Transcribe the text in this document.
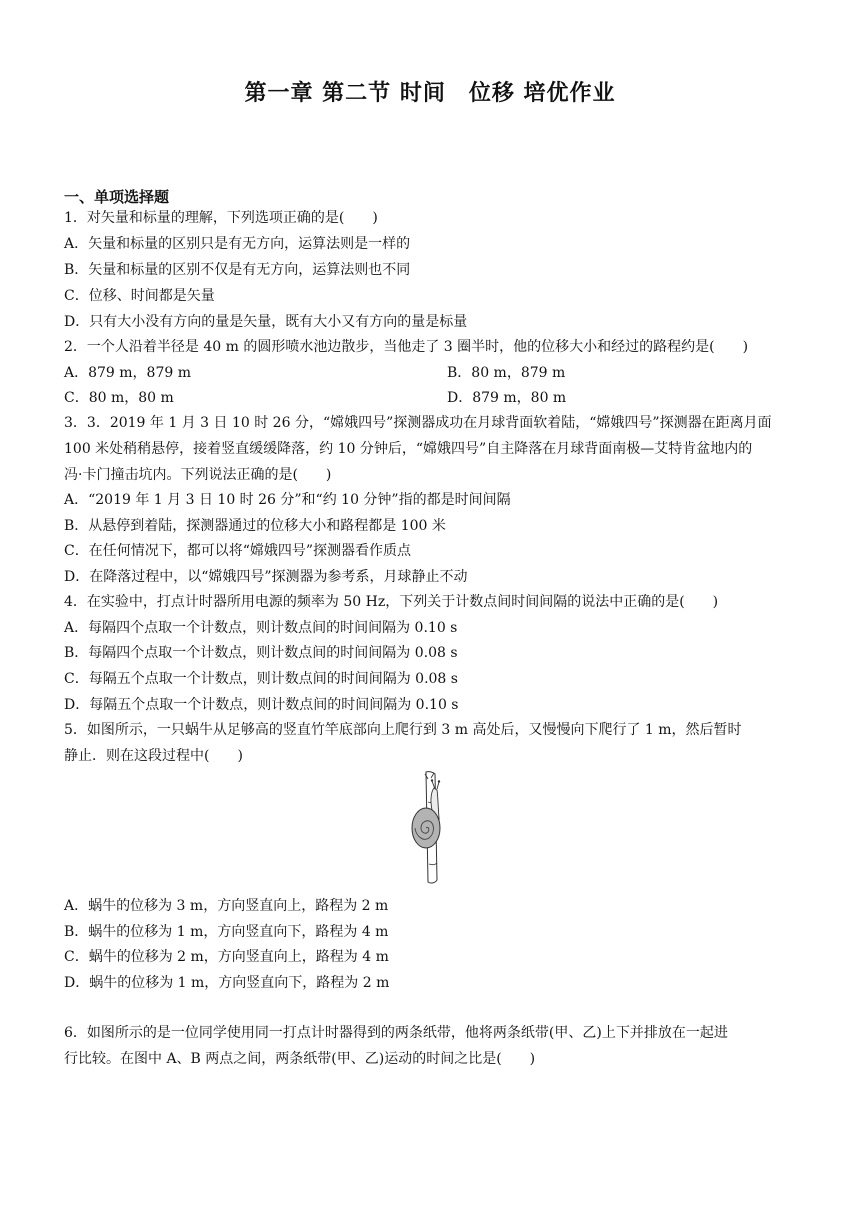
第一章 第二节 时间　位移 培优作业
一、单项选择题
1．对矢量和标量的理解，下列选项正确的是(　　)
A．矢量和标量的区别只是有无方向，运算法则是一样的
B．矢量和标量的区别不仅是有无方向，运算法则也不同
C．位移、时间都是矢量
D．只有大小没有方向的量是矢量，既有大小又有方向的量是标量
2．一个人沿着半径是 40 m 的圆形喷水池边散步，当他走了 3 圈半时，他的位移大小和经过的路程约是(　　)
A．879 m，879 m	B．80 m，879 m
C．80 m，80 m	D．879 m，80 m
3．3．2019 年 1 月 3 日 10 时 26 分，“嫦娥四号”探测器成功在月球背面软着陆，“嫦娥四号”探测器在距离月面
100 米处稍稍悬停，接着竖直缓缓降落，约 10 分钟后，“嫦娥四号”自主降落在月球背面南极—艾特肯盆地内的
冯·卡门撞击坑内。下列说法正确的是(　　)
A．“2019 年 1 月 3 日 10 时 26 分”和“约 10 分钟”指的都是时间间隔
B．从悬停到着陆，探测器通过的位移大小和路程都是 100 米
C．在任何情况下，都可以将“嫦娥四号”探测器看作质点
D．在降落过程中，以“嫦娥四号”探测器为参考系，月球静止不动
4．在实验中，打点计时器所用电源的频率为 50 Hz，下列关于计数点间时间间隔的说法中正确的是(　　)
A．每隔四个点取一个计数点，则计数点间的时间间隔为 0.10 s
B．每隔四个点取一个计数点，则计数点间的时间间隔为 0.08 s
C．每隔五个点取一个计数点，则计数点间的时间间隔为 0.08 s
D．每隔五个点取一个计数点，则计数点间的时间间隔为 0.10 s
5．如图所示，一只蜗牛从足够高的竖直竹竿底部向上爬行到 3 m 高处后，又慢慢向下爬行了 1 m，然后暂时
静止．则在这段过程中(　　)
A．蜗牛的位移为 3 m，方向竖直向上，路程为 2 m
B．蜗牛的位移为 1 m，方向竖直向下，路程为 4 m
C．蜗牛的位移为 2 m，方向竖直向上，路程为 4 m
D．蜗牛的位移为 1 m，方向竖直向下，路程为 2 m
6．如图所示的是一位同学使用同一打点计时器得到的两条纸带，他将两条纸带(甲、乙)上下并排放在一起进
行比较。在图中 A、B 两点之间，两条纸带(甲、乙)运动的时间之比是(　　)
